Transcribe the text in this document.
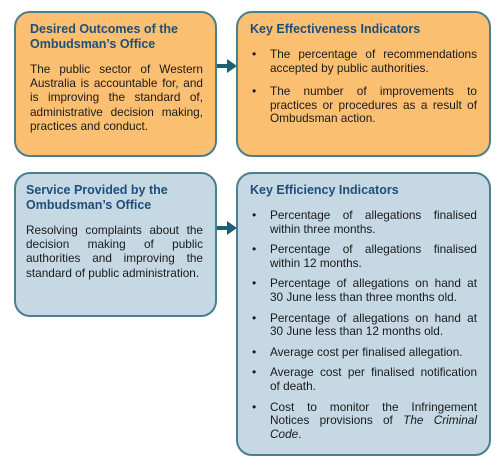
Desired Outcomes of the Ombudsman’s Office
The public sector of Western Australia is accountable for, and is improving the standard of, administrative decision making, practices and conduct.
Key Effectiveness Indicators
• The percentage of recommendations accepted by public authorities.
• The number of improvements to practices or procedures as a result of Ombudsman action.
Service Provided by the Ombudsman’s Office
Resolving complaints about the decision making of public authorities and improving the standard of public administration.
Key Efficiency Indicators
• Percentage of allegations finalised within three months.
• Percentage of allegations finalised within 12 months.
• Percentage of allegations on hand at 30 June less than three months old.
• Percentage of allegations on hand at 30 June less than 12 months old.
• Average cost per finalised allegation.
• Average cost per finalised notification of death.
• Cost to monitor the Infringement Notices provisions of The Criminal Code.
